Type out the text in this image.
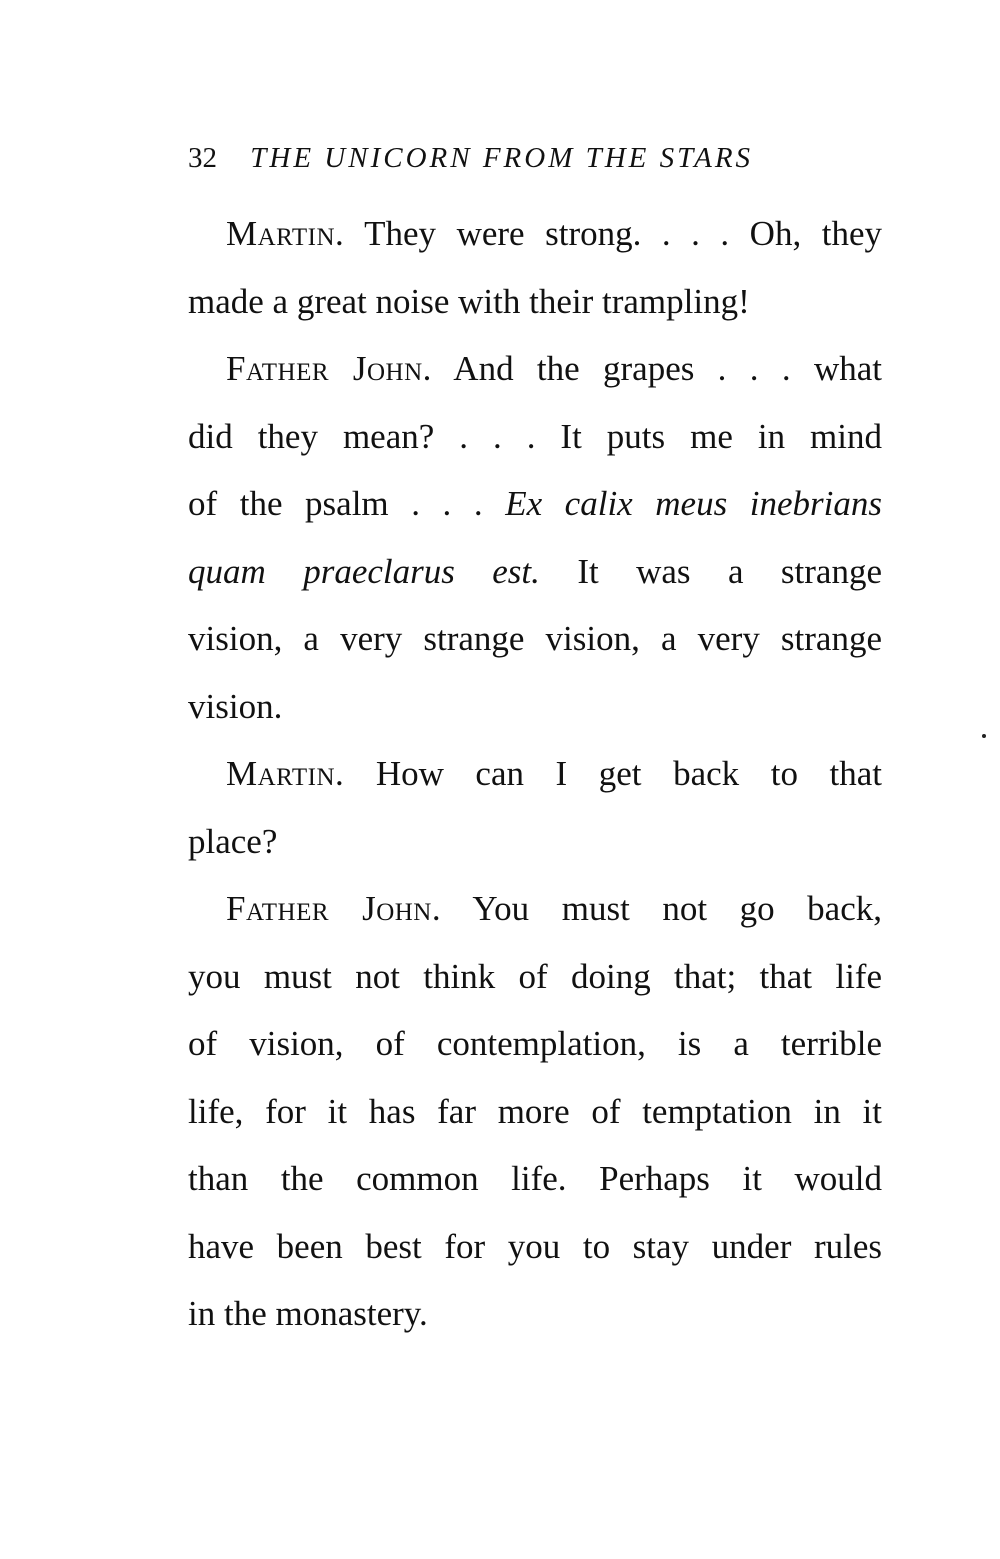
32 THE UNICORN FROM THE STARS
Martin. They were strong. . . . Oh, they
made a great noise with their trampling!
Father John. And the grapes . . . what
did they mean? . . . It puts me in mind
of the psalm . . . Ex calix meus inebrians
quam praeclarus est. It was a strange
vision, a very strange vision, a very strange
vision.
Martin. How can I get back to that
place?
Father John. You must not go back,
you must not think of doing that; that life
of vision, of contemplation, is a terrible
life, for it has far more of temptation in it
than the common life. Perhaps it would
have been best for you to stay under rules
in the monastery.
